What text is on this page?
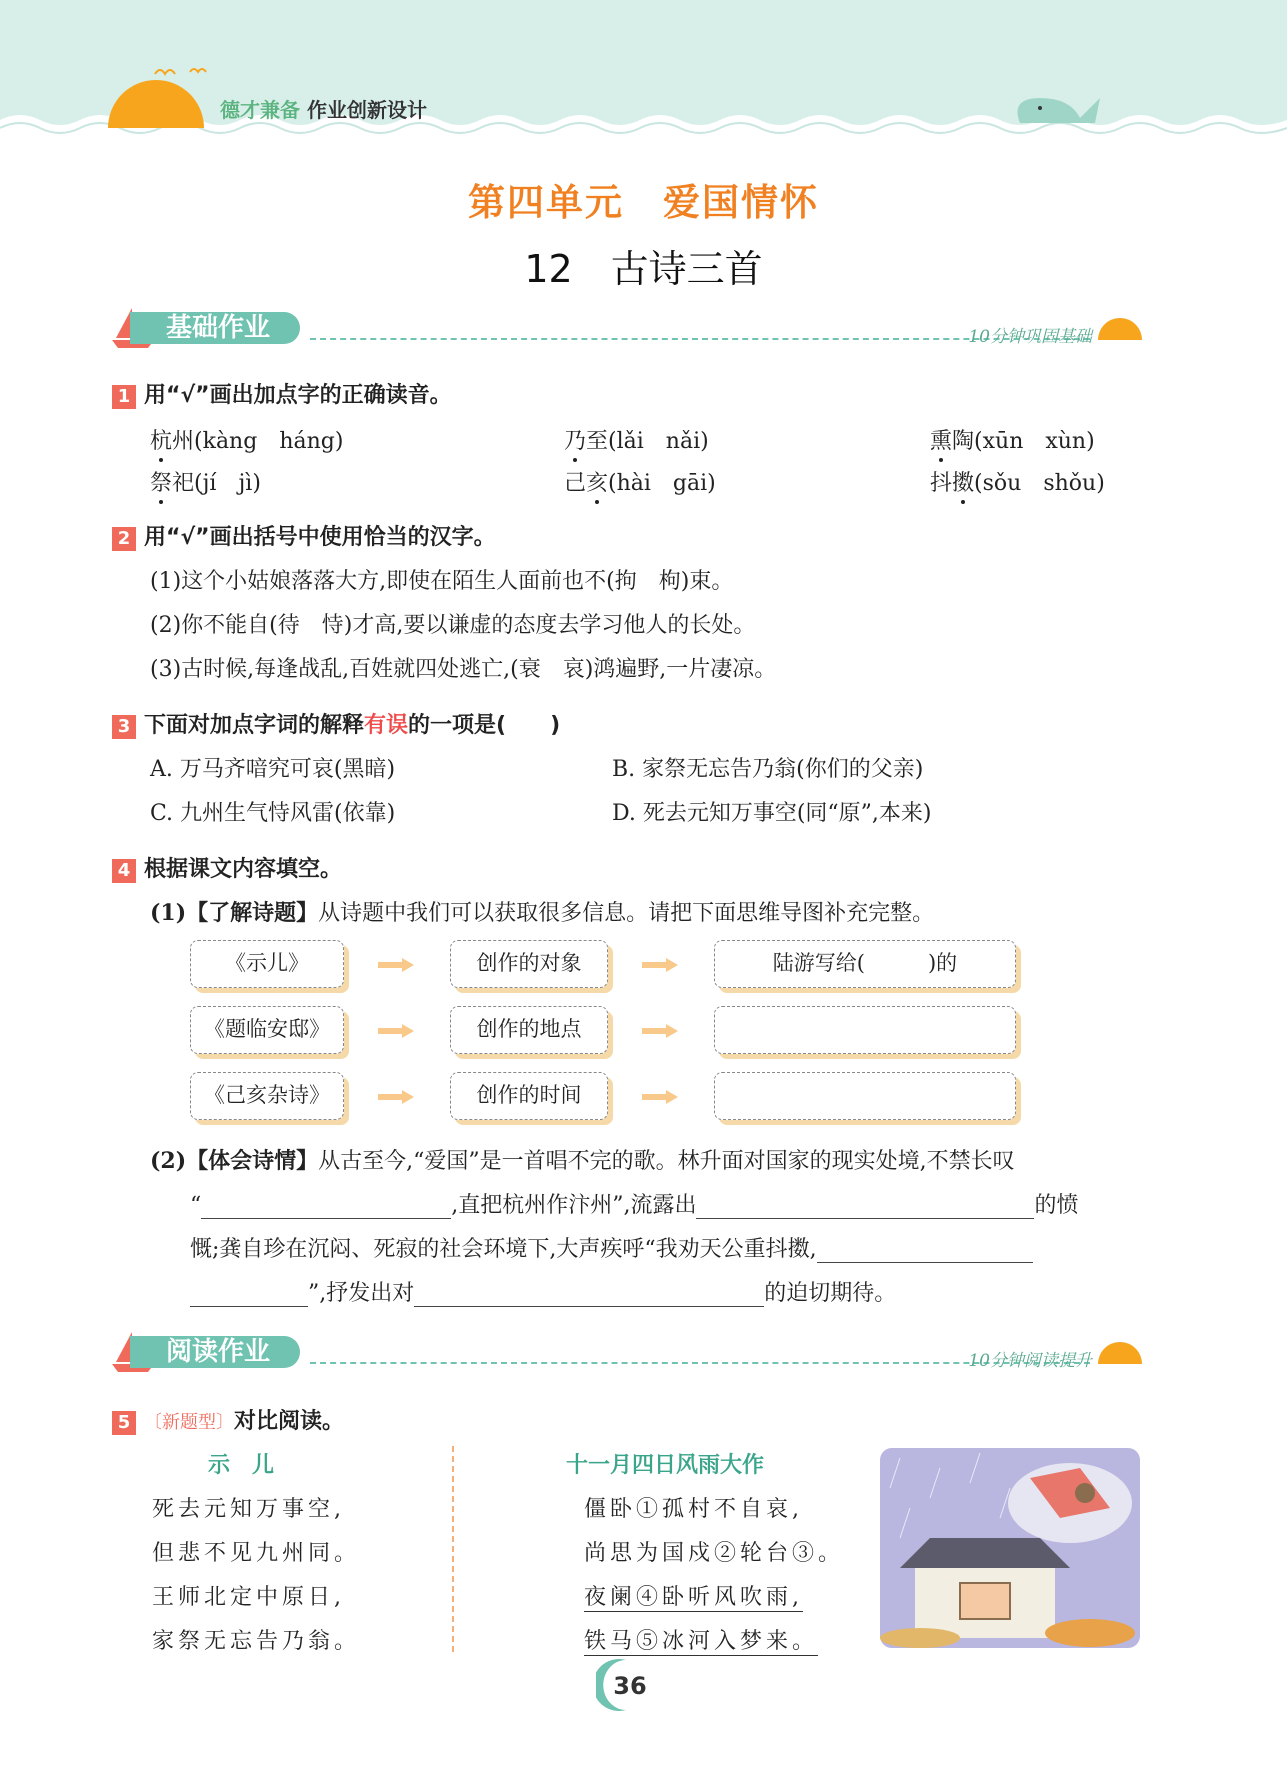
德才兼备 作业创新设计
第四单元　爱国情怀
12　古诗三首
基础作业	10分钟巩固基础
1 用“√”画出加点字的正确读音。
杭州(kàng　háng)	乃至(lǎi　nǎi)	熏陶(xūn　xùn)
祭祀(jí　jì)	己亥(hài　gāi)	抖擞(sǒu　shǒu)
2 用“√”画出括号中使用恰当的汉字。
(1)这个小姑娘落落大方,即使在陌生人面前也不(拘　枸)束。
(2)你不能自(待　恃)才高,要以谦虚的态度去学习他人的长处。
(3)古时候,每逢战乱,百姓就四处逃亡,(衰　哀)鸿遍野,一片凄凉。
3 下面对加点字词的解释有误的一项是(　　)
A. 万马齐喑究可哀(黑暗)	B. 家祭无忘告乃翁(你们的父亲)
C. 九州生气恃风雷(依靠)	D. 死去元知万事空(同“原”,本来)
4 根据课文内容填空。
(1)【了解诗题】从诗题中我们可以获取很多信息。请把下面思维导图补充完整。
《示儿》	创作的对象	陆游写给(　　　)的
《题临安邸》	创作的地点
《己亥杂诗》	创作的时间
(2)【体会诗情】从古至今,“爱国”是一首唱不完的歌。林升面对国家的现实处境,不禁长叹
“	,直把杭州作汴州”,流露出	的愤
慨;龚自珍在沉闷、死寂的社会环境下,大声疾呼“我劝天公重抖擞,
”,抒发出对	的迫切期待。
阅读作业	10分钟阅读提升
5 〔新题型〕对比阅读。
示　儿
死去元知万事空,
但悲不见九州同。
王师北定中原日,
家祭无忘告乃翁。
十一月四日风雨大作
僵卧①孤村不自哀,
尚思为国戍②轮台③。
夜阑④卧听风吹雨,
铁马⑤冰河入梦来。
36
